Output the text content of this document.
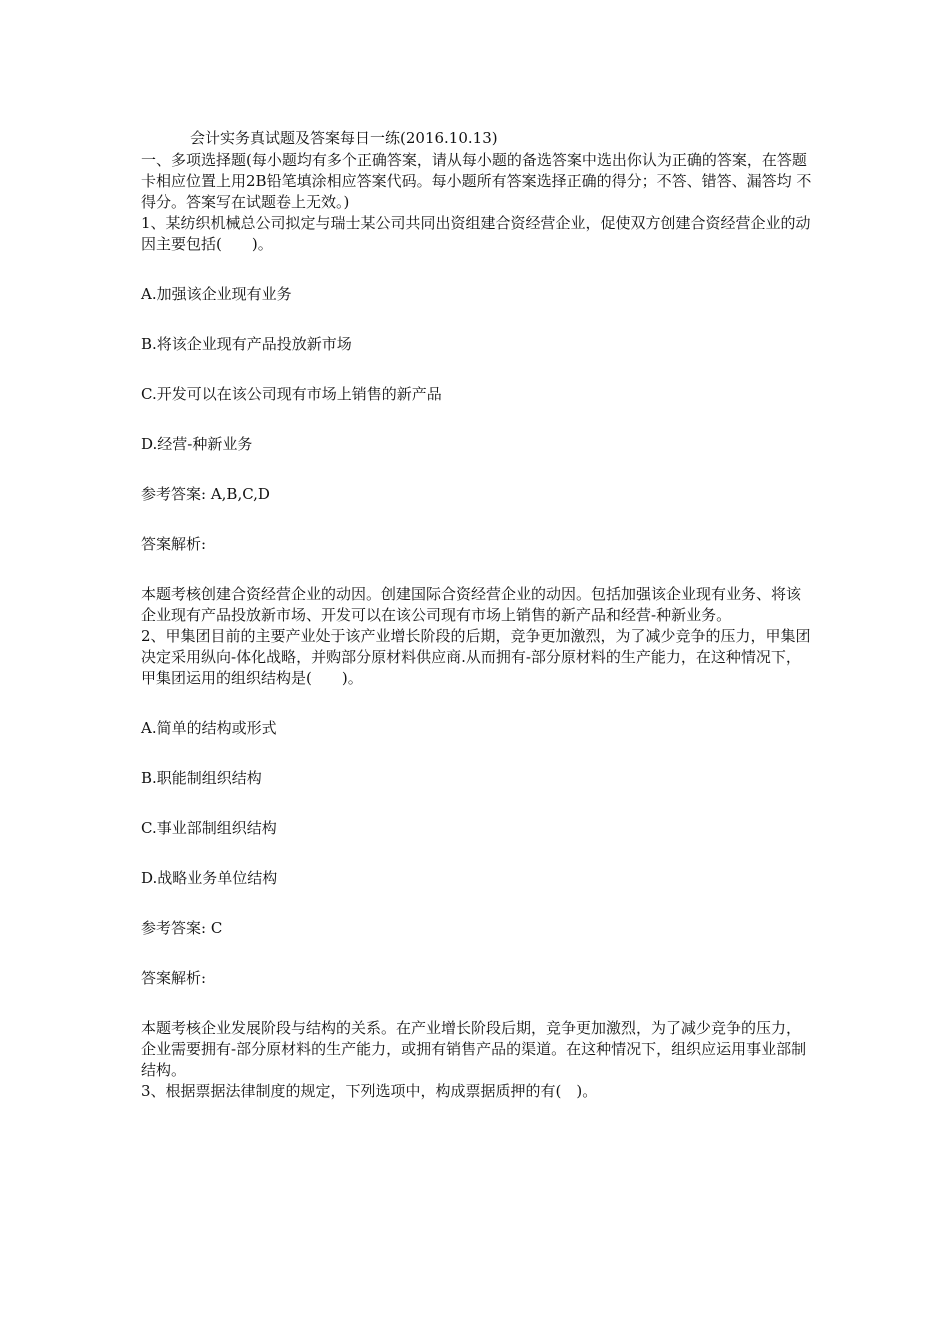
会计实务真试题及答案每日一练(2016.10.13)

一、多项选择题(每小题均有多个正确答案，请从每小题的备选答案中选出你认为正确的答案，在答题卡相应位置上用2B铅笔填涂相应答案代码。每小题所有答案选择正确的得分；不答、错答、漏答均 不得分。答案写在试题卷上无效。)

1、某纺织机械总公司拟定与瑞士某公司共同出资组建合资经营企业，促使双方创建合资经营企业的动因主要包括(　　)。

A.加强该企业现有业务

B.将该企业现有产品投放新市场

C.开发可以在该公司现有市场上销售的新产品

D.经营-种新业务

参考答案: A,B,C,D

答案解析:

本题考核创建合资经营企业的动因。创建国际合资经营企业的动因。包括加强该企业现有业务、将该企业现有产品投放新市场、开发可以在该公司现有市场上销售的新产品和经营-种新业务。

2、甲集团目前的主要产业处于该产业增长阶段的后期，竞争更加激烈，为了减少竞争的压力，甲集团决定采用纵向-体化战略，并购部分原材料供应商.从而拥有-部分原材料的生产能力，在这种情况下，甲集团运用的组织结构是(　　)。

A.简单的结构或形式

B.职能制组织结构

C.事业部制组织结构

D.战略业务单位结构

参考答案: C

答案解析:

本题考核企业发展阶段与结构的关系。在产业增长阶段后期，竞争更加激烈，为了减少竞争的压力，企业需要拥有-部分原材料的生产能力，或拥有销售产品的渠道。在这种情况下，组织应运用事业部制结构。

3、根据票据法律制度的规定，下列选项中，构成票据质押的有(　)。
